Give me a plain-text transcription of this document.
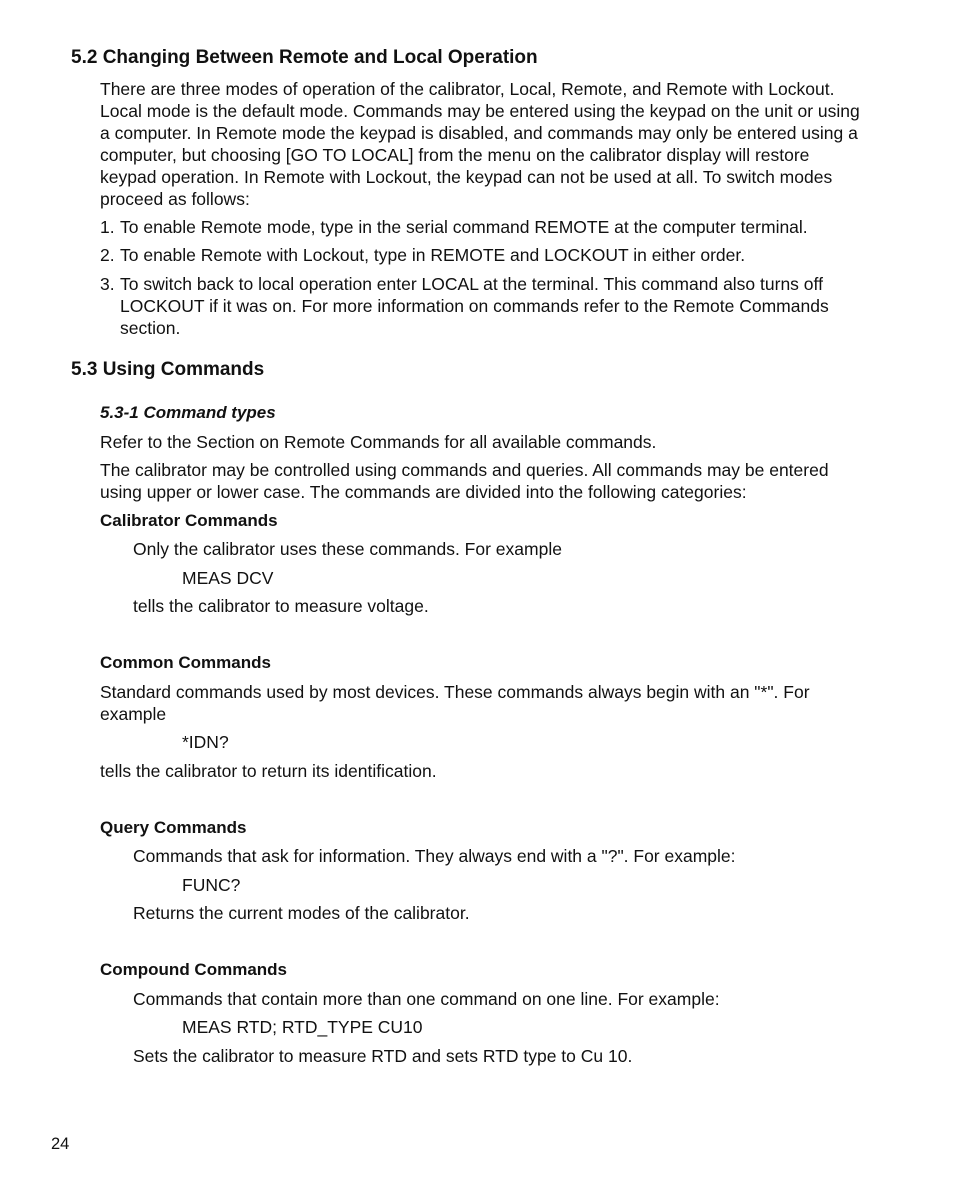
5.2 Changing Between Remote and Local Operation

There are three modes of operation of the calibrator, Local, Remote, and Remote with Lockout. Local mode is the default mode. Commands may be entered using the keypad on the unit or using a computer. In Remote mode the keypad is disabled, and commands may only be entered using a computer, but choosing [GO TO LOCAL] from the menu on the calibrator display will restore keypad operation. In Remote with Lockout, the keypad can not be used at all. To switch modes proceed as follows:

1. To enable Remote mode, type in the serial command REMOTE at the computer terminal.
2. To enable Remote with Lockout, type in REMOTE and LOCKOUT in either order.
3. To switch back to local operation enter LOCAL at the terminal. This command also turns off LOCKOUT if it was on. For more information on commands refer to the Remote Commands section.
5.3 Using Commands
5.3-1 Command types

Refer to the Section on Remote Commands for all available commands.

The calibrator may be controlled using commands and queries. All commands may be entered using upper or lower case. The commands are divided into the following categories:

Calibrator Commands

Only the calibrator uses these commands. For example

MEAS DCV

tells the calibrator to measure voltage.

Common Commands

Standard commands used by most devices. These commands always begin with an "*". For example

*IDN?

tells the calibrator to return its identification.

Query Commands

Commands that ask for information. They always end with a "?". For example:

FUNC?

Returns the current modes of the calibrator.

Compound Commands

Commands that contain more than one command on one line. For example:

MEAS RTD; RTD_TYPE CU10

Sets the calibrator to measure RTD and sets RTD type to Cu 10.

24
